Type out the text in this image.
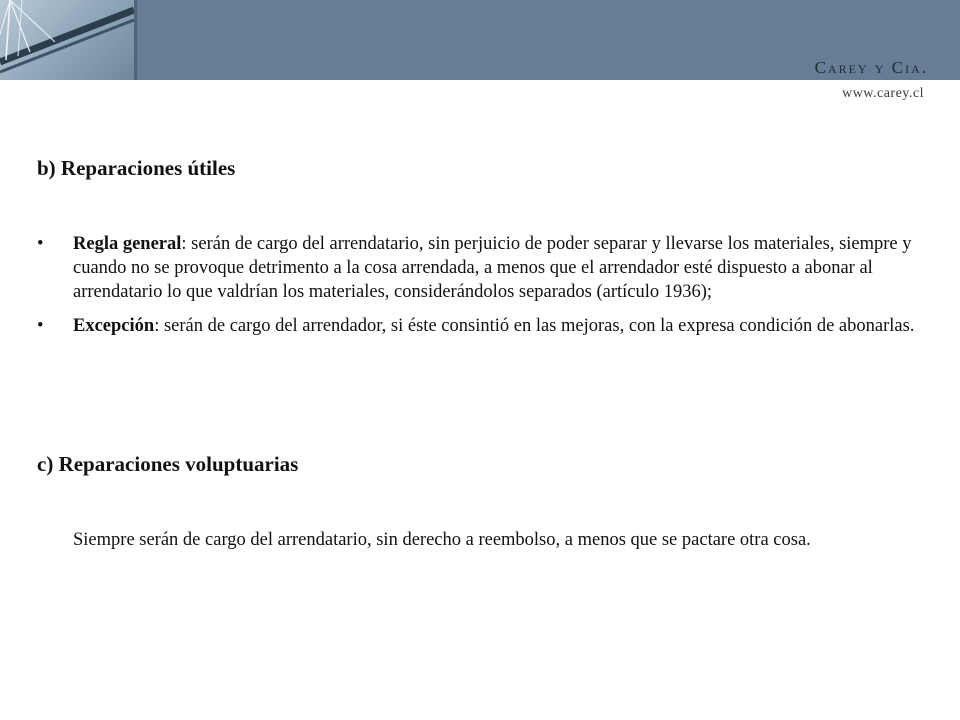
Carey y Cia.
www.carey.cl
b) Reparaciones útiles
• Regla general: serán de cargo del arrendatario, sin perjuicio de poder separar y llevarse los materiales, siempre y cuando no se provoque detrimento a la cosa arrendada, a menos que el arrendador esté dispuesto a abonar al arrendatario lo que valdrían los materiales, considerándolos separados (artículo 1936);
• Excepción: serán de cargo del arrendador, si éste consintió en las mejoras, con la expresa condición de abonarlas.
c) Reparaciones voluptuarias

Siempre serán de cargo del arrendatario, sin derecho a reembolso, a menos que se pactare otra cosa.
